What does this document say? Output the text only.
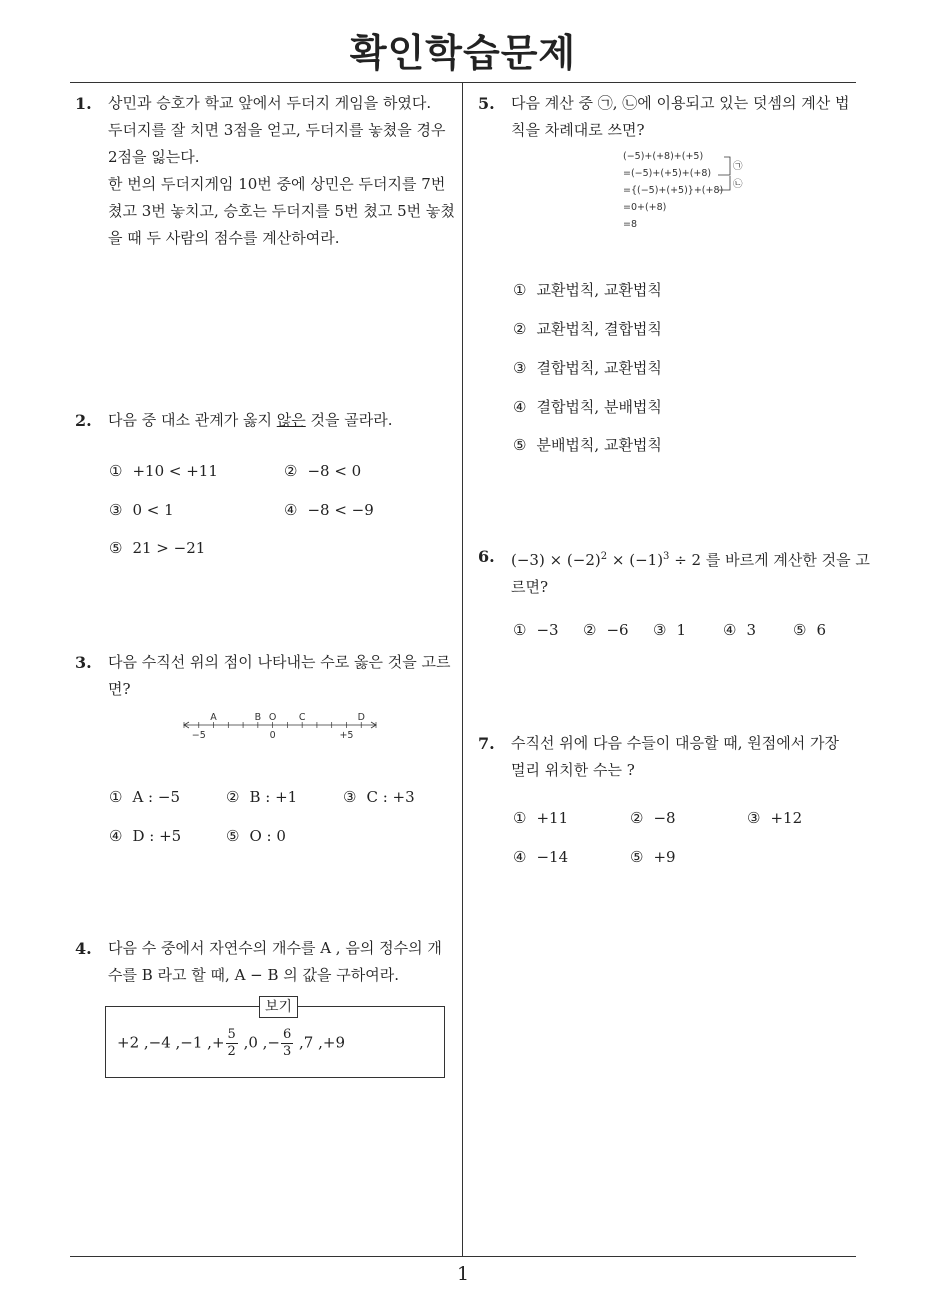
확인학습문제
1
1. 상민과 승호가 학교 앞에서 두더지 게임을 하였다.
두더지를 잘 치면 3점을 얻고, 두더지를 놓쳤을 경우
2점을 잃는다.
한 번의 두더지게임 10번 중에 상민은 두더지를 7번
쳤고 3번 놓치고, 승호는 두더지를 5번 쳤고 5번 놓쳤
을 때 두 사람의 점수를 계산하여라.
2. 다음 중 대소 관계가 옳지 않은 것을 골라라.
① +10 < +11	② −8 < 0
③ 0 < 1	④ −8 < −9
⑤ 21 > −21
3. 다음 수직선 위의 점이 나타내는 수로 옳은 것을 고르
면?
A	B O C	D
−5	0	+5
① A : −5	② B : +1	③ C : +3
④ D : +5	⑤ O : 0
4. 다음 수 중에서 자연수의 개수를 A , 음의 정수의 개
수를 B 라고 할 때, A − B 의 값을 구하여라.
보기
+2 ,−4 ,−1 ,+ $\frac{5}{2} ,0$ ,− $\frac{6}{3} ,7$ ,+9
5. 다음 계산 중 ㉠, ㉡에 이용되고 있는 덧셈의 계산 법
칙을 차례대로 쓰면?
(−5)+(+8)+(+5)
=(−5)+(+5)+(+8)
={(−5)+(+5)}+(+8)
=0+(+8)
=8
㉠
㉡
① 교환법칙, 교환법칙
② 교환법칙, 결합법칙
③ 결합법칙, 교환법칙
④ 결합법칙, 분배법칙
⑤ 분배법칙, 교환법칙
6. $(-3) \times (-2)^2 \times (-1)^3 \div 2$ 를 바르게 계산한 것을 고
르면?
① −3 ② −6 ③ 1 ④ 3 ⑤ 6
7. 수직선 위에 다음 수들이 대응할 때, 원점에서 가장
멀리 위치한 수는 ?
① +11	② −8	③ +12
④ −14	⑤ +9
